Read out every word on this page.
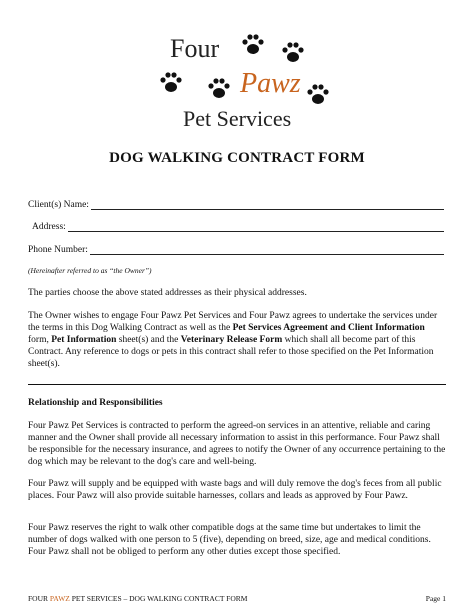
Four
Pawz
Pet Services
DOG WALKING CONTRACT FORM
Client(s) Name:
Address:
Phone Number:
(Hereinafter referred to as “the Owner”)

The parties choose the above stated addresses as their physical addresses.

The Owner wishes to engage Four Pawz Pet Services and Four Pawz agrees to undertake the services under the terms in this Dog Walking Contract as well as the Pet Services Agreement and Client Information form, Pet Information sheet(s) and the Veterinary Release Form which shall all become part of this Contract. Any reference to dogs or pets in this contract shall refer to those specified on the Pet Information sheet(s).

Relationship and Responsibilities

Four Pawz Pet Services is contracted to perform the agreed-on services in an attentive, reliable and caring manner and the Owner shall provide all necessary information to assist in this performance. Four Pawz shall be responsible for the necessary insurance, and agrees to notify the Owner of any occurrence pertaining to the dog which may be relevant to the dog's care and well-being.

Four Pawz will supply and be equipped with waste bags and will duly remove the dog's feces from all public places. Four Pawz will also provide suitable harnesses, collars and leads as approved by Four Pawz.

Four Pawz reserves the right to walk other compatible dogs at the same time but undertakes to limit the number of dogs walked with one person to 5 (five), depending on breed, size, age and medical conditions. Four Pawz shall not be obliged to perform any other duties except those specified.

FOUR PAWZ PET SERVICES – DOG WALKING CONTRACT FORM	Page 1
